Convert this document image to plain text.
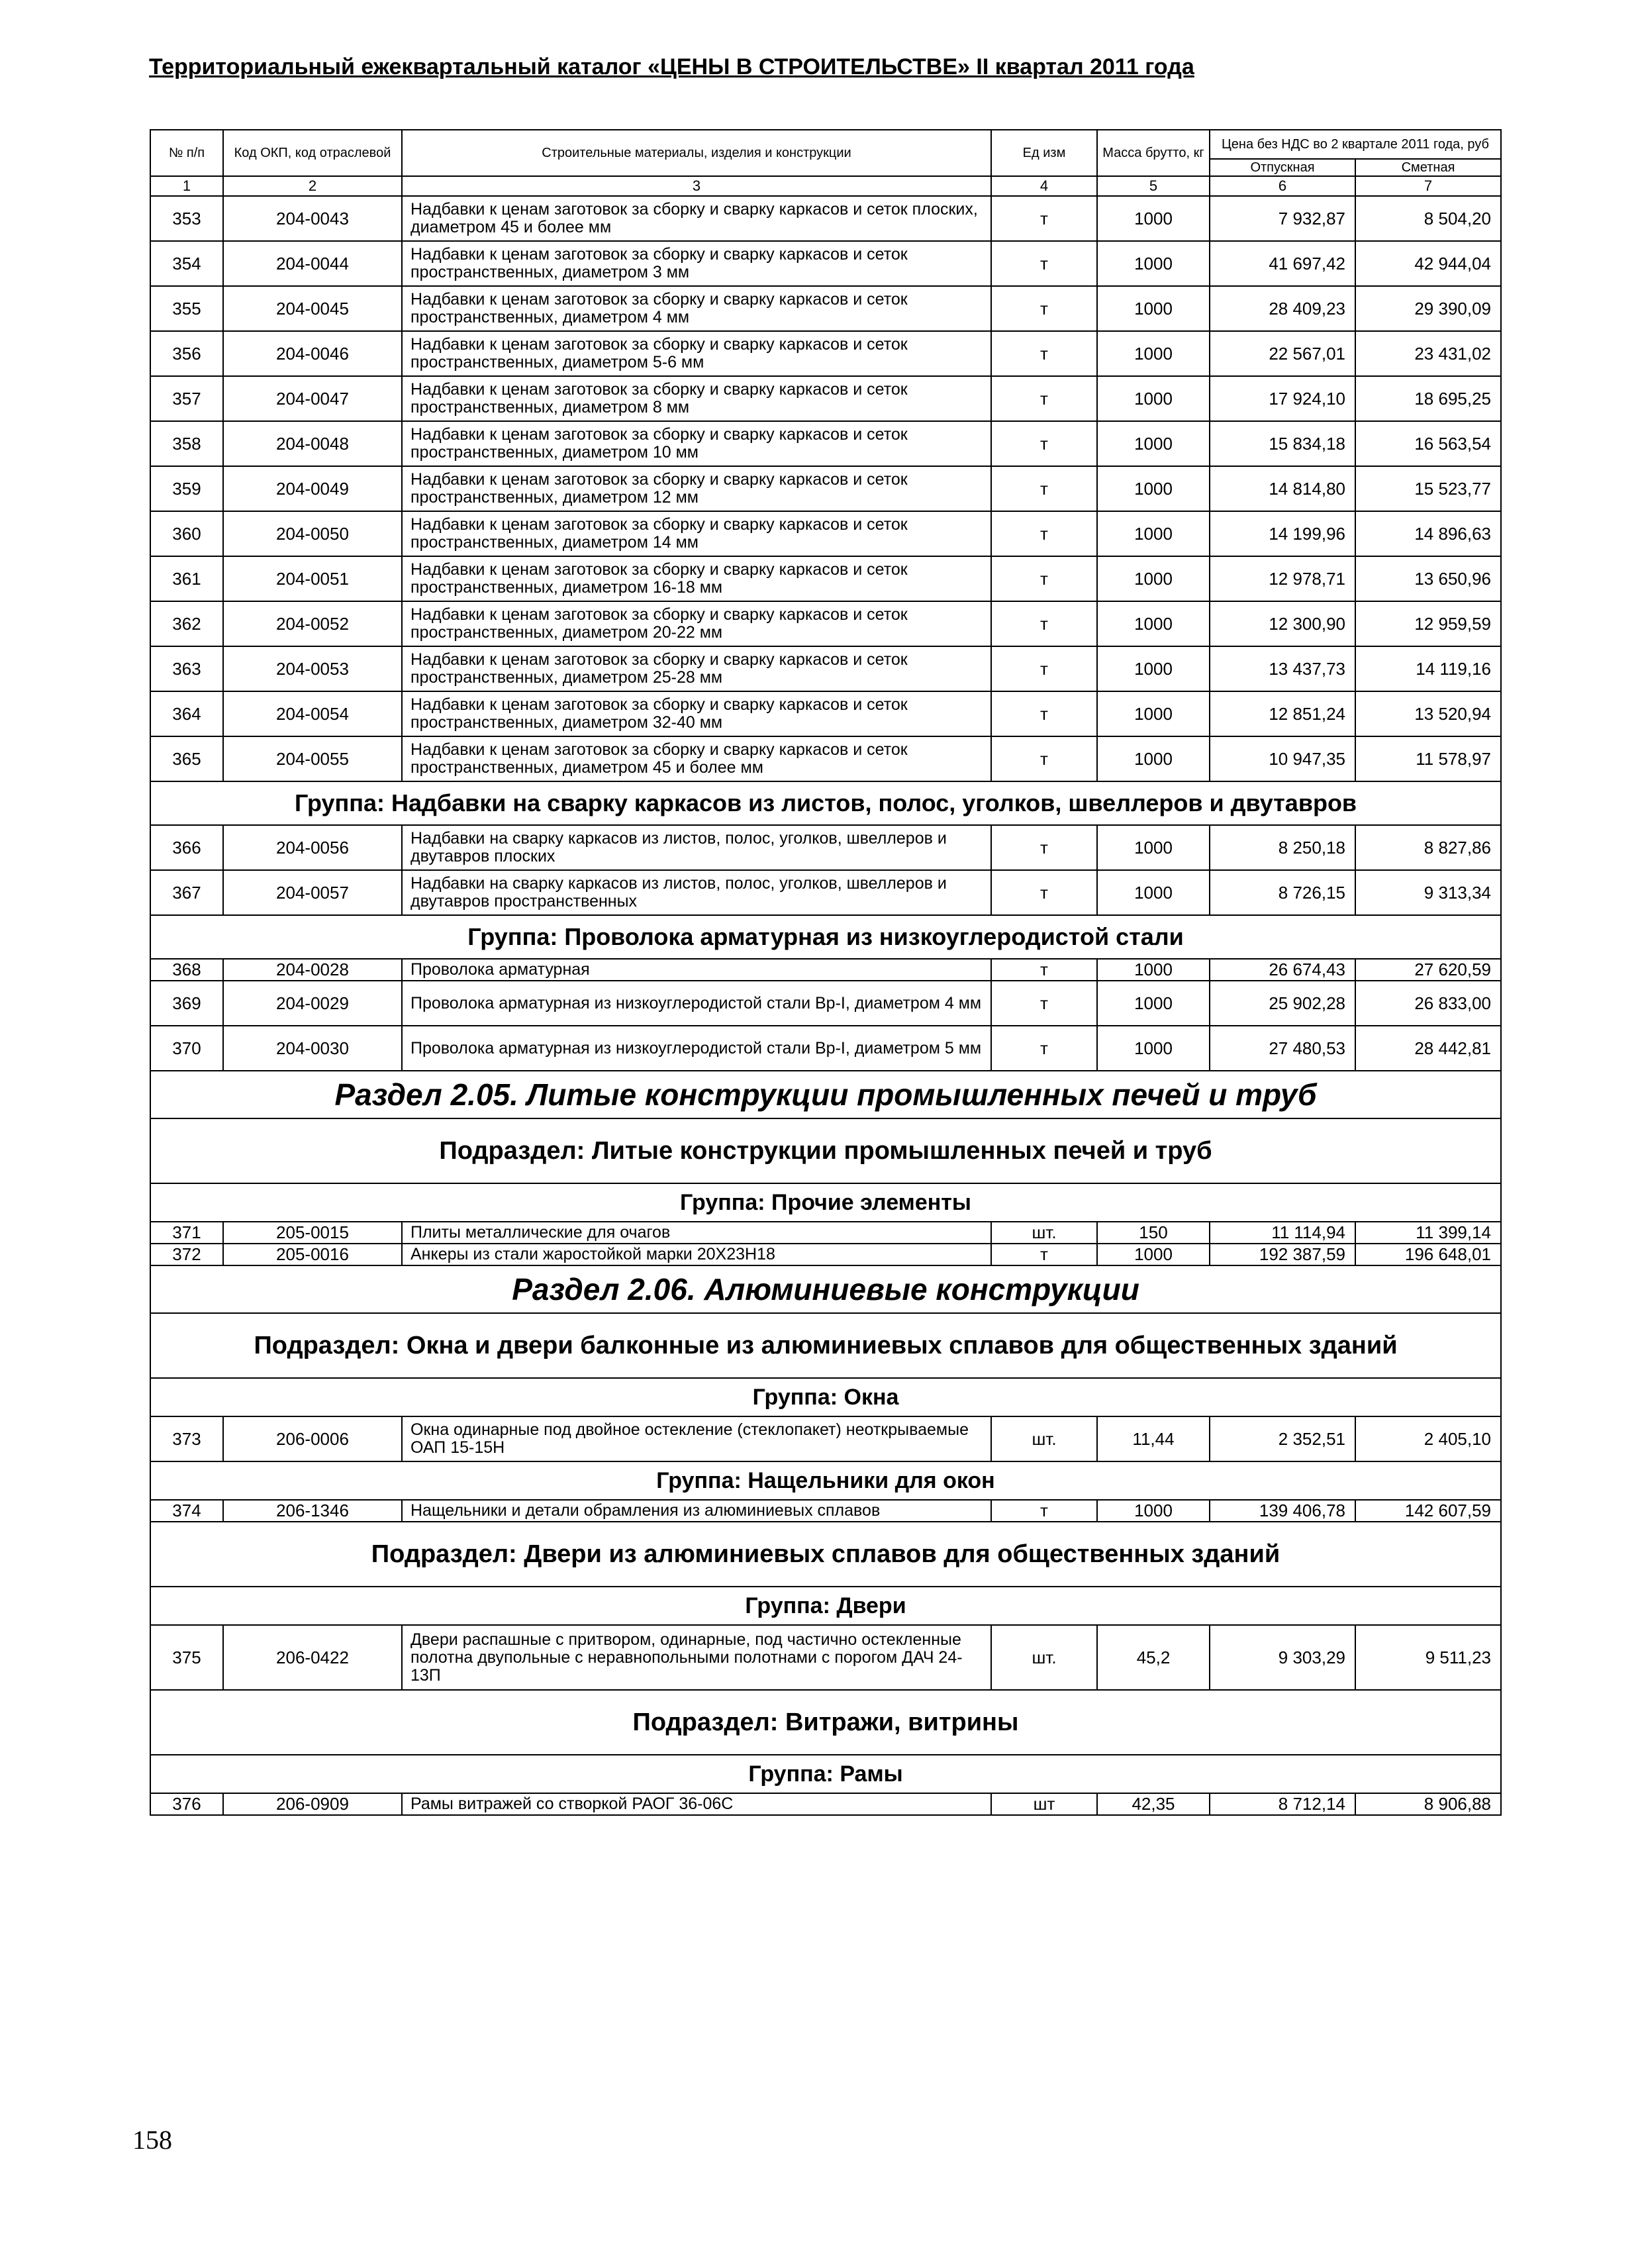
Территориальный ежеквартальный каталог «ЦЕНЫ В СТРОИТЕЛЬСТВЕ» II квартал 2011 года
№ п/п	Код ОКП, код отраслевой	Строительные материалы, изделия и конструкции	Ед изм	Масса брутто, кг	Цена без НДС во 2 квартале 2011 года, руб	
					Отпускная	Сметная
1	2	3	4	5	6	7
353	204-0043	Надбавки к ценам заготовок за сборку и сварку каркасов и сеток плоских, диаметром 45 и более мм	т	1000	7 932,87	8 504,20
354	204-0044	Надбавки к ценам заготовок за сборку и сварку каркасов и сеток пространственных, диаметром 3 мм	т	1000	41 697,42	42 944,04
355	204-0045	Надбавки к ценам заготовок за сборку и сварку каркасов и сеток пространственных, диаметром 4 мм	т	1000	28 409,23	29 390,09
356	204-0046	Надбавки к ценам заготовок за сборку и сварку каркасов и сеток пространственных, диаметром 5-6 мм	т	1000	22 567,01	23 431,02
357	204-0047	Надбавки к ценам заготовок за сборку и сварку каркасов и сеток пространственных, диаметром 8 мм	т	1000	17 924,10	18 695,25
358	204-0048	Надбавки к ценам заготовок за сборку и сварку каркасов и сеток пространственных, диаметром 10 мм	т	1000	15 834,18	16 563,54
359	204-0049	Надбавки к ценам заготовок за сборку и сварку каркасов и сеток пространственных, диаметром 12 мм	т	1000	14 814,80	15 523,77
360	204-0050	Надбавки к ценам заготовок за сборку и сварку каркасов и сеток пространственных, диаметром 14 мм	т	1000	14 199,96	14 896,63
361	204-0051	Надбавки к ценам заготовок за сборку и сварку каркасов и сеток пространственных, диаметром 16-18 мм	т	1000	12 978,71	13 650,96
362	204-0052	Надбавки к ценам заготовок за сборку и сварку каркасов и сеток пространственных, диаметром 20-22 мм	т	1000	12 300,90	12 959,59
363	204-0053	Надбавки к ценам заготовок за сборку и сварку каркасов и сеток пространственных, диаметром 25-28 мм	т	1000	13 437,73	14 119,16
364	204-0054	Надбавки к ценам заготовок за сборку и сварку каркасов и сеток пространственных, диаметром 32-40 мм	т	1000	12 851,24	13 520,94
365	204-0055	Надбавки к ценам заготовок за сборку и сварку каркасов и сеток пространственных, диаметром 45 и более мм	т	1000	10 947,35	11 578,97
Группа: Надбавки на сварку каркасов из листов, полос, уголков, швеллеров и двутавров						
366	204-0056	Надбавки на сварку каркасов из листов, полос, уголков, швеллеров и двутавров плоских	т	1000	8 250,18	8 827,86
367	204-0057	Надбавки на сварку каркасов из листов, полос, уголков, швеллеров и двутавров пространственных	т	1000	8 726,15	9 313,34
Группа: Проволока арматурная из низкоуглеродистой стали						
368	204-0028	Проволока арматурная	т	1000	26 674,43	27 620,59
369	204-0029	Проволока арматурная из низкоуглеродистой стали Вр-I, диаметром 4 мм	т	1000	25 902,28	26 833,00
370	204-0030	Проволока арматурная из низкоуглеродистой стали Вр-I, диаметром 5 мм	т	1000	27 480,53	28 442,81
Раздел 2.05. Литые конструкции промышленных печей и труб						
Подраздел: Литые конструкции промышленных печей и труб						
Группа: Прочие элементы						
371	205-0015	Плиты металлические для очагов	шт.	150	11 114,94	11 399,14
372	205-0016	Анкеры из стали жаростойкой марки 20Х23Н18	т	1000	192 387,59	196 648,01
Раздел 2.06. Алюминиевые конструкции						
Подраздел: Окна и двери балконные из алюминиевых сплавов для общественных зданий						
Группа: Окна						
373	206-0006	Окна одинарные под двойное остекление (стеклопакет) неоткрываемые ОАП 15-15Н	шт.	11,44	2 352,51	2 405,10
Группа: Нащельники для окон						
374	206-1346	Нащельники и детали обрамления из алюминиевых сплавов	т	1000	139 406,78	142 607,59
Подраздел: Двери из алюминиевых сплавов для общественных зданий						
Группа: Двери						
375	206-0422	Двери распашные с притвором, одинарные, под частично остекленные полотна двупольные с неравнопольными полотнами с порогом ДАЧ 24-13П	шт.	45,2	9 303,29	9 511,23
Подраздел: Витражи, витрины						
Группа: Рамы						
376	206-0909	Рамы витражей со створкой РАОГ 36-06С	шт	42,35	8 712,14	8 906,88
158
